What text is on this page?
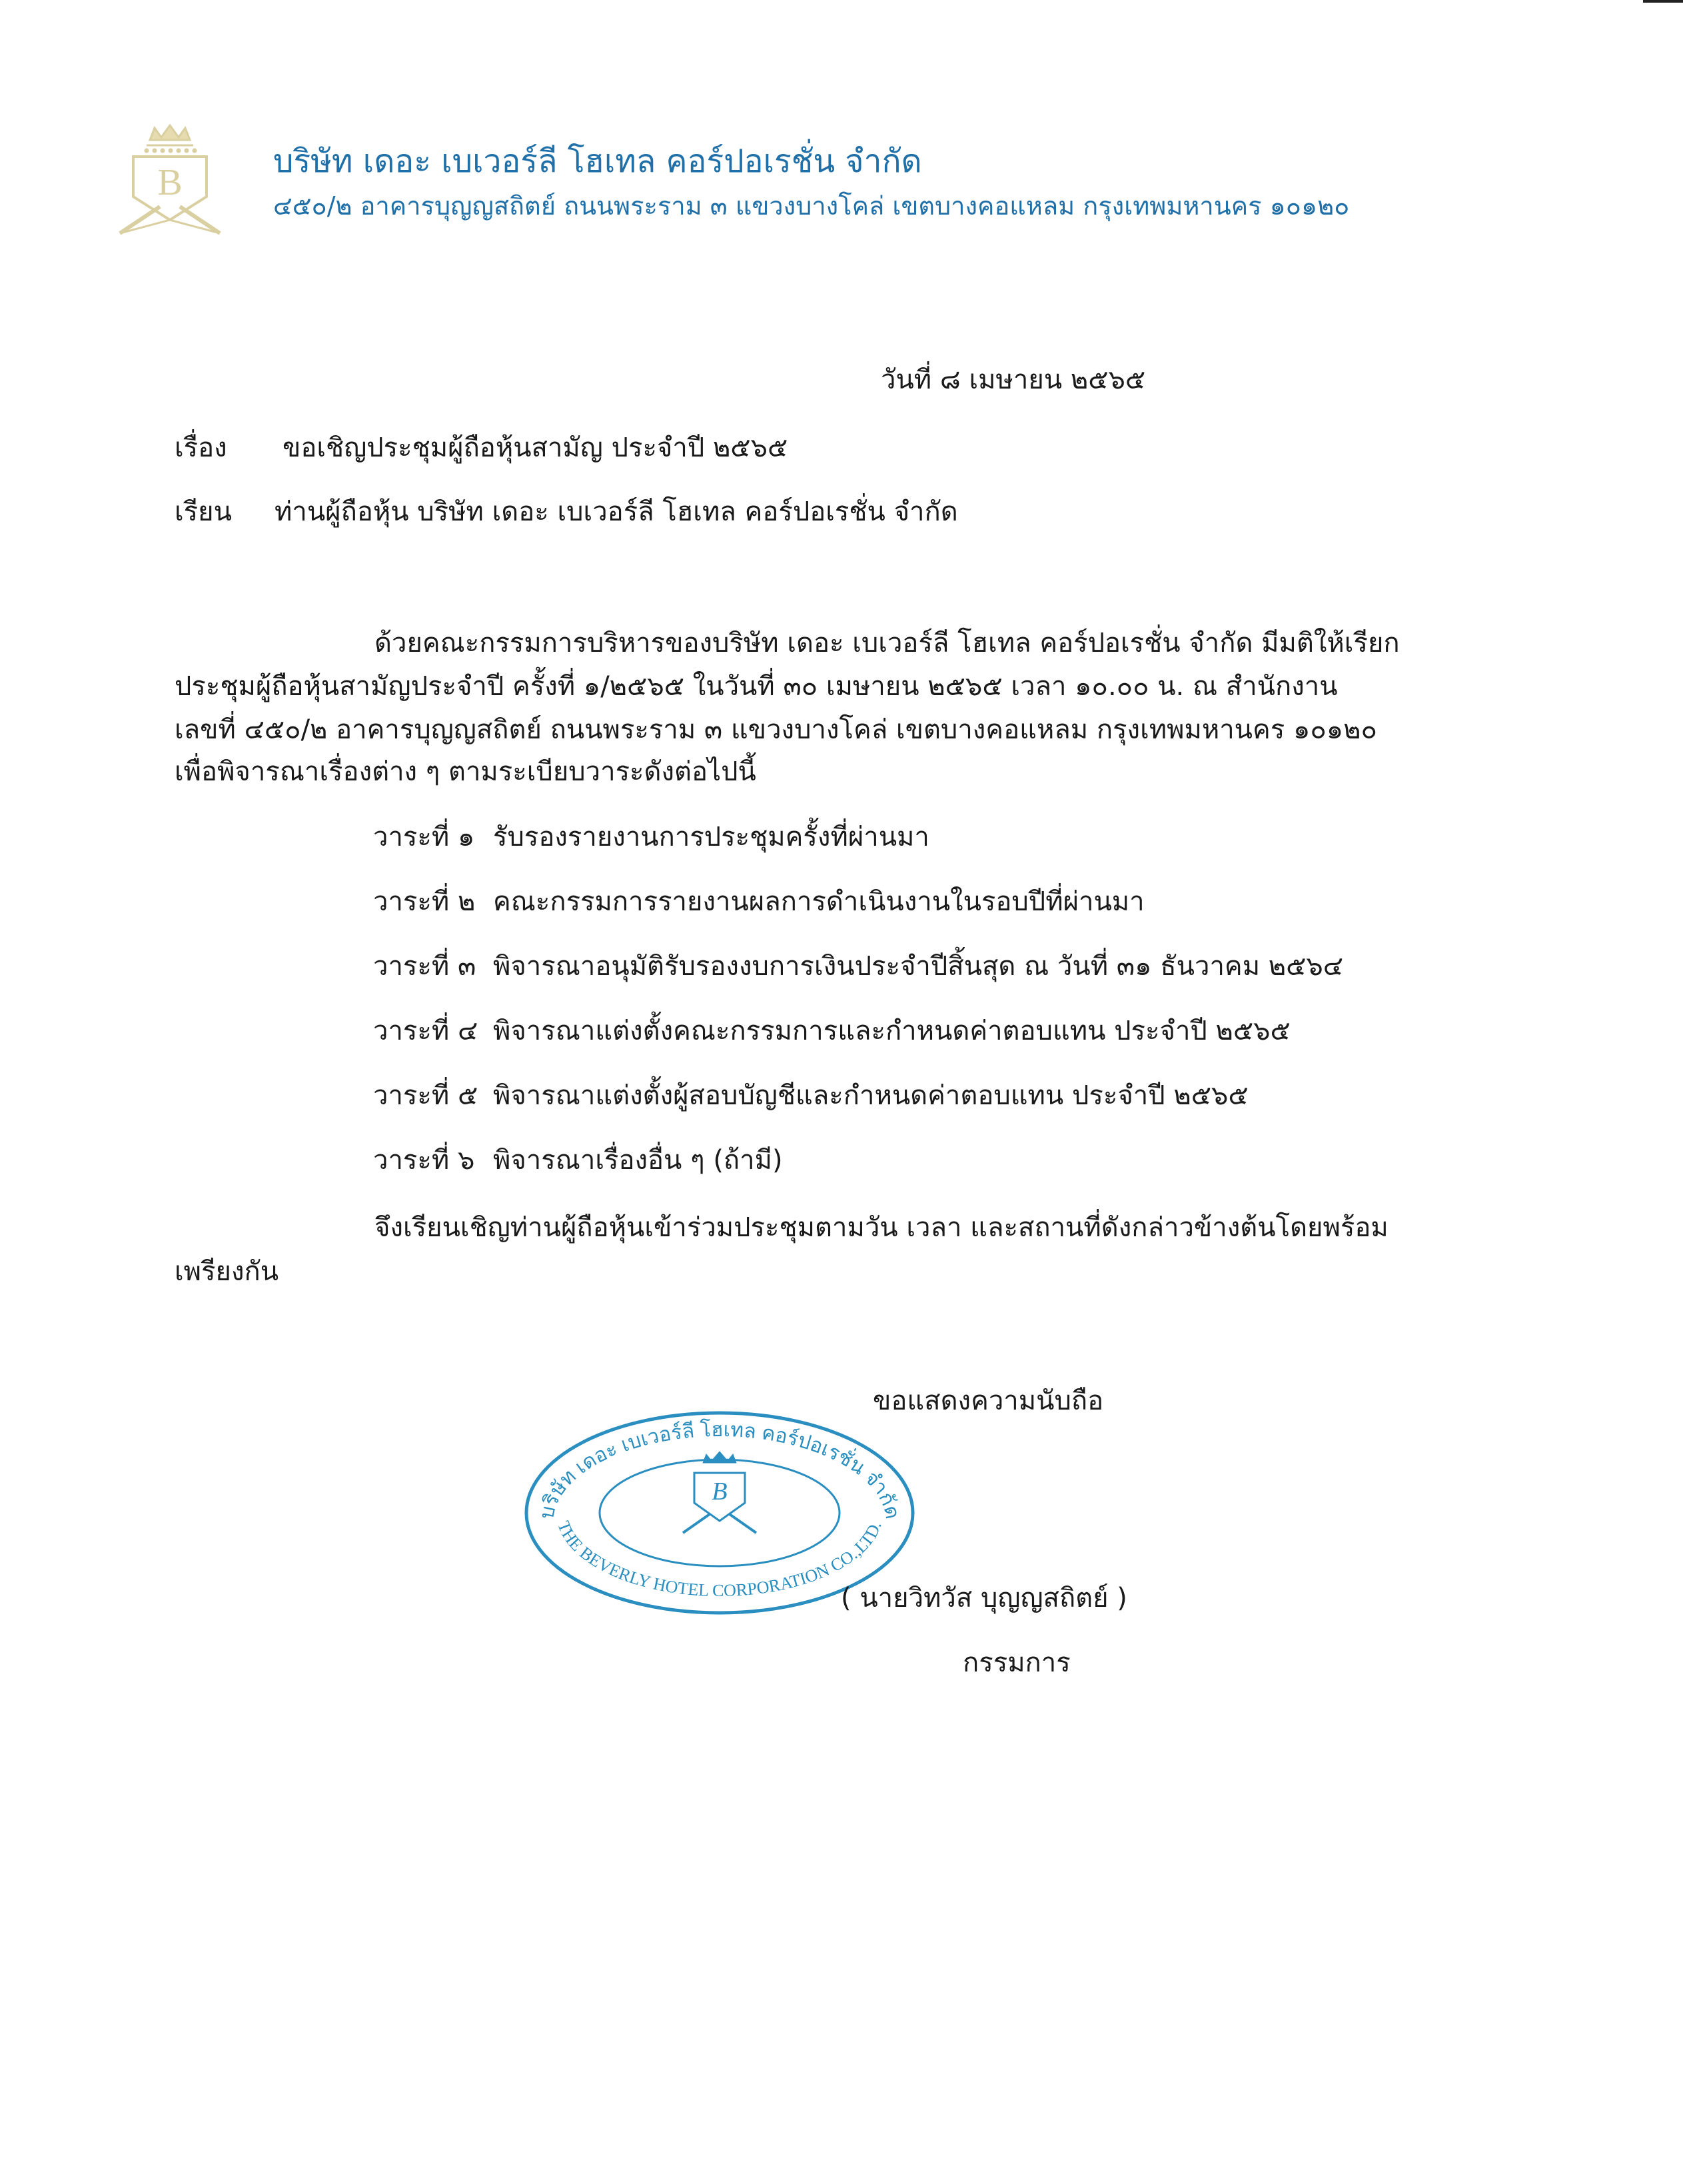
B
บริษัท เดอะ เบเวอร์ลี โฮเทล คอร์ปอเรชั่น จำกัด
๔๕๐/๒ อาคารบุญญสถิตย์ ถนนพระราม ๓ แขวงบางโคล่ เขตบางคอแหลม กรุงเทพมหานคร ๑๐๑๒๐
วันที่ ๘ เมษายน ๒๕๖๕
เรื่อง ขอเชิญประชุมผู้ถือหุ้นสามัญ ประจำปี ๒๕๖๕
เรียน ท่านผู้ถือหุ้น บริษัท เดอะ เบเวอร์ลี โฮเทล คอร์ปอเรชั่น จำกัด
ด้วยคณะกรรมการบริหารของบริษัท เดอะ เบเวอร์ลี โฮเทล คอร์ปอเรชั่น จำกัด มีมติให้เรียก
ประชุมผู้ถือหุ้นสามัญประจำปี ครั้งที่ ๑/๒๕๖๕ ในวันที่ ๓๐ เมษายน ๒๕๖๕ เวลา ๑๐.๐๐ น. ณ สำนักงาน
เลขที่ ๔๕๐/๒ อาคารบุญญสถิตย์ ถนนพระราม ๓ แขวงบางโคล่ เขตบางคอแหลม กรุงเทพมหานคร ๑๐๑๒๐
เพื่อพิจารณาเรื่องต่าง ๆ ตามระเบียบวาระดังต่อไปนี้
วาระที่ ๑ รับรองรายงานการประชุมครั้งที่ผ่านมา
วาระที่ ๒ คณะกรรมการรายงานผลการดำเนินงานในรอบปีที่ผ่านมา
วาระที่ ๓ พิจารณาอนุมัติรับรองงบการเงินประจำปีสิ้นสุด ณ วันที่ ๓๑ ธันวาคม ๒๕๖๔
วาระที่ ๔ พิจารณาแต่งตั้งคณะกรรมการและกำหนดค่าตอบแทน ประจำปี ๒๕๖๕
วาระที่ ๕ พิจารณาแต่งตั้งผู้สอบบัญชีและกำหนดค่าตอบแทน ประจำปี ๒๕๖๕
วาระที่ ๖ พิจารณาเรื่องอื่น ๆ (ถ้ามี)
จึงเรียนเชิญท่านผู้ถือหุ้นเข้าร่วมประชุมตามวัน เวลา และสถานที่ดังกล่าวข้างต้นโดยพร้อม
เพรียงกัน
ขอแสดงความนับถือ
บริษัท เดอะ เบเวอร์ลี โฮเทล คอร์ปอเรชั่น จำกัด
THE BEVERLY HOTEL CORPORATION CO.,LTD.
B
( นายวิทวัส บุญญสถิตย์ )
กรรมการ
